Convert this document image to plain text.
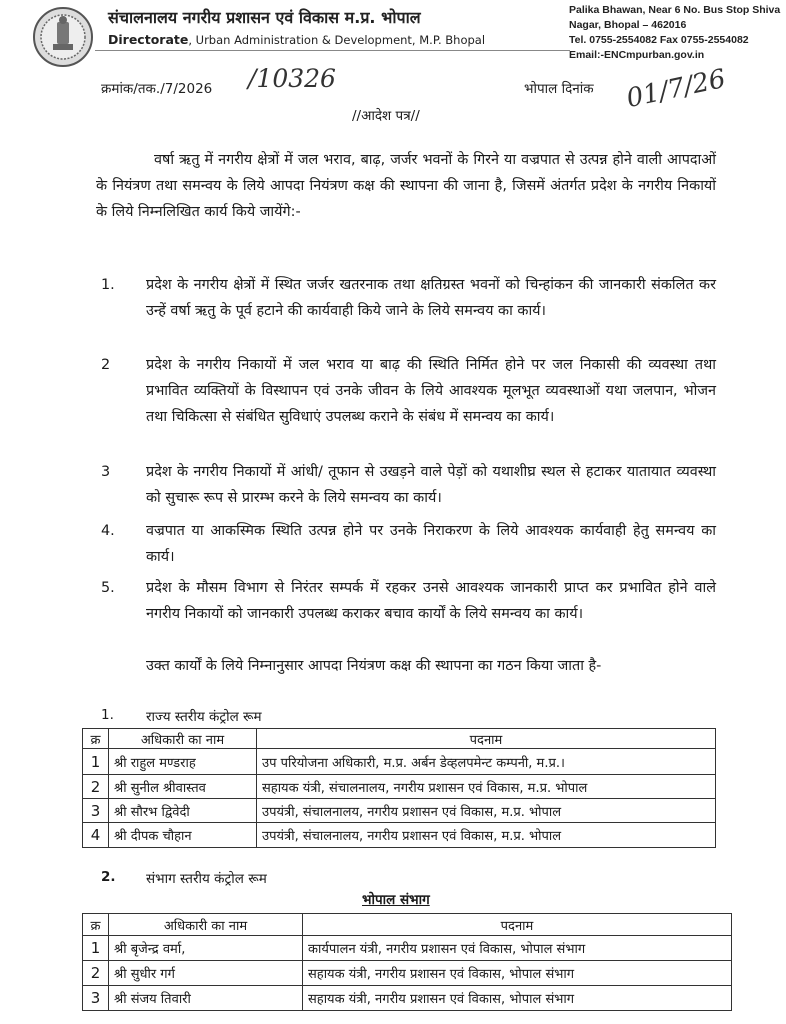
संचालनालय नगरीय प्रशासन एवं विकास म.प्र. भोपाल
Directorate, Urban Administration & Development, M.P. Bhopal
Palika Bhawan, Near 6 No. Bus Stop Shiva
Nagar, Bhopal – 462016
Tel. 0755-2554082 Fax 0755-2554082
Email:-ENCmpurban.gov.in
क्रमांक/तक./7/2026 /10326	भोपाल दिनांक 01/7/26
//आदेश पत्र//
वर्षा ऋतु में नगरीय क्षेत्रों में जल भराव, बाढ़, जर्जर भवनों के गिरने या वज्रपात से उत्पन्न होने वाली आपदाओं के नियंत्रण तथा समन्वय के लिये आपदा नियंत्रण कक्ष की स्थापना की जाना है, जिसमें अंतर्गत प्रदेश के नगरीय निकायों के लिये निम्नलिखित कार्य किये जायेंगे:-
1. प्रदेश के नगरीय क्षेत्रों में स्थित जर्जर खतरनाक तथा क्षतिग्रस्त भवनों को चिन्हांकन की जानकारी संकलित कर उन्हें वर्षा ऋतु के पूर्व हटाने की कार्यवाही किये जाने के लिये समन्वय का कार्य।
2 प्रदेश के नगरीय निकायों में जल भराव या बाढ़ की स्थिति निर्मित होने पर जल निकासी की व्यवस्था तथा प्रभावित व्यक्तियों के विस्थापन एवं उनके जीवन के लिये आवश्यक मूलभूत व्यवस्थाओं यथा जलपान, भोजन तथा चिकित्सा से संबंधित सुविधाएं उपलब्ध कराने के संबंध में समन्वय का कार्य।
3 प्रदेश के नगरीय निकायों में आंधी/ तूफान से उखड़ने वाले पेड़ों को यथाशीघ्र स्थल से हटाकर यातायात व्यवस्था को सुचारू रूप से प्रारम्भ करने के लिये समन्वय का कार्य।
4. वज्रपात या आकस्मिक स्थिति उत्पन्न होने पर उनके निराकरण के लिये आवश्यक कार्यवाही हेतु समन्वय का कार्य।
5. प्रदेश के मौसम विभाग से निरंतर सम्पर्क में रहकर उनसे आवश्यक जानकारी प्राप्त कर प्रभावित होने वाले नगरीय निकायों को जानकारी उपलब्ध कराकर बचाव कार्यों के लिये समन्वय का कार्य।
उक्त कार्यों के लिये निम्नानुसार आपदा नियंत्रण कक्ष की स्थापना का गठन किया जाता है-
1. राज्य स्तरीय कंट्रोल रूम
क्र	अधिकारी का नाम	पदनाम
1	श्री राहुल मण्डराह	उप परियोजना अधिकारी, म.प्र. अर्बन डेव्हलपमेन्ट कम्पनी, म.प्र.।
2	श्री सुनील श्रीवास्तव	सहायक यंत्री, संचालनालय, नगरीय प्रशासन एवं विकास, म.प्र. भोपाल
3	श्री सौरभ द्विवेदी	उपयंत्री, संचालनालय, नगरीय प्रशासन एवं विकास, म.प्र. भोपाल
4	श्री दीपक चौहान	उपयंत्री, संचालनालय, नगरीय प्रशासन एवं विकास, म.प्र. भोपाल
2. संभाग स्तरीय कंट्रोल रूम
भोपाल संभाग
क्र	अधिकारी का नाम	पदनाम
1	श्री बृजेन्द्र वर्मा,	कार्यपालन यंत्री, नगरीय प्रशासन एवं विकास, भोपाल संभाग
2	श्री सुधीर गर्ग	सहायक यंत्री, नगरीय प्रशासन एवं विकास, भोपाल संभाग
3	श्री संजय तिवारी	सहायक यंत्री, नगरीय प्रशासन एवं विकास, भोपाल संभाग
